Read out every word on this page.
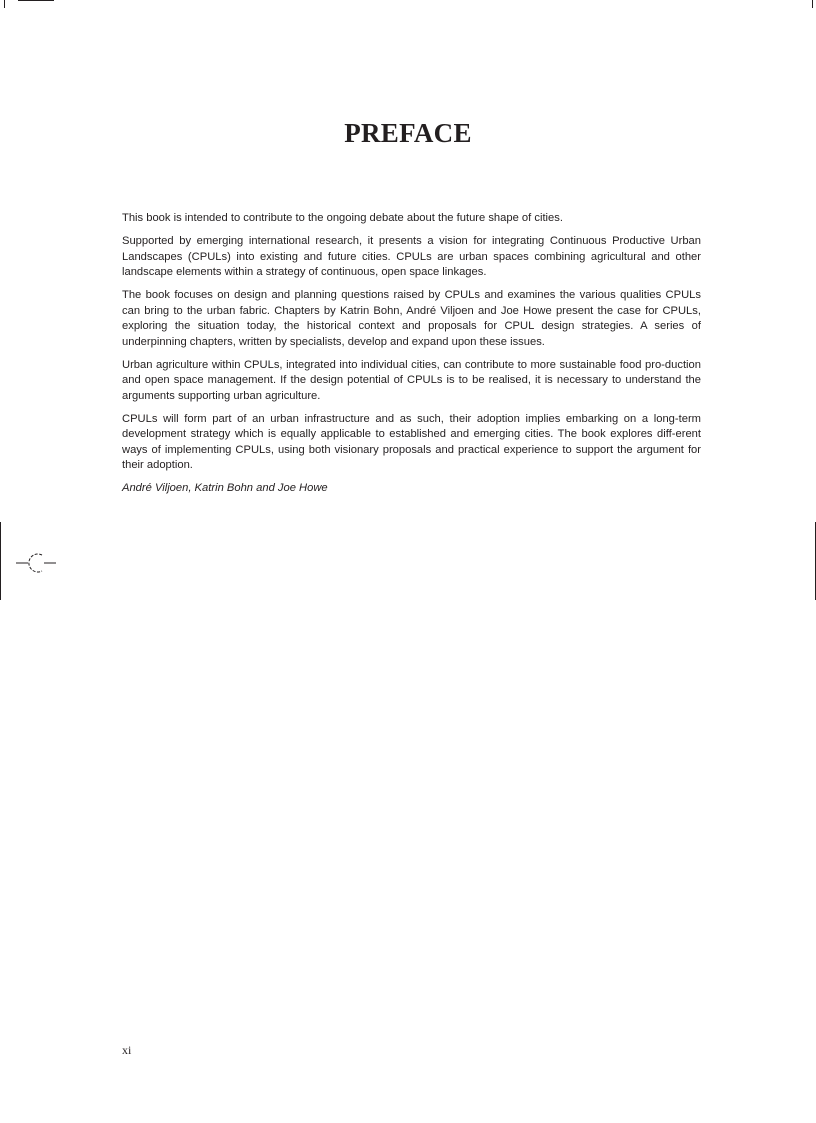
PREFACE

This book is intended to contribute to the ongoing debate about the future shape of cities.

Supported by emerging international research, it presents a vision for integrating Continuous Productive Urban Landscapes (CPULs) into existing and future cities. CPULs are urban spaces combining agricultural and other landscape elements within a strategy of continuous, open space linkages.

The book focuses on design and planning questions raised by CPULs and examines the various qualities CPULs can bring to the urban fabric. Chapters by Katrin Bohn, André Viljoen and Joe Howe present the case for CPULs, exploring the situation today, the historical context and proposals for CPUL design strategies. A series of underpinning chapters, written by specialists, develop and expand upon these issues.

Urban agriculture within CPULs, integrated into individual cities, can contribute to more sustainable food pro-duction and open space management. If the design potential of CPULs is to be realised, it is necessary to understand the arguments supporting urban agriculture.

CPULs will form part of an urban infrastructure and as such, their adoption implies embarking on a long-term development strategy which is equally applicable to established and emerging cities. The book explores diff-erent ways of implementing CPULs, using both visionary proposals and practical experience to support the argument for their adoption.

André Viljoen, Katrin Bohn and Joe Howe

xi
